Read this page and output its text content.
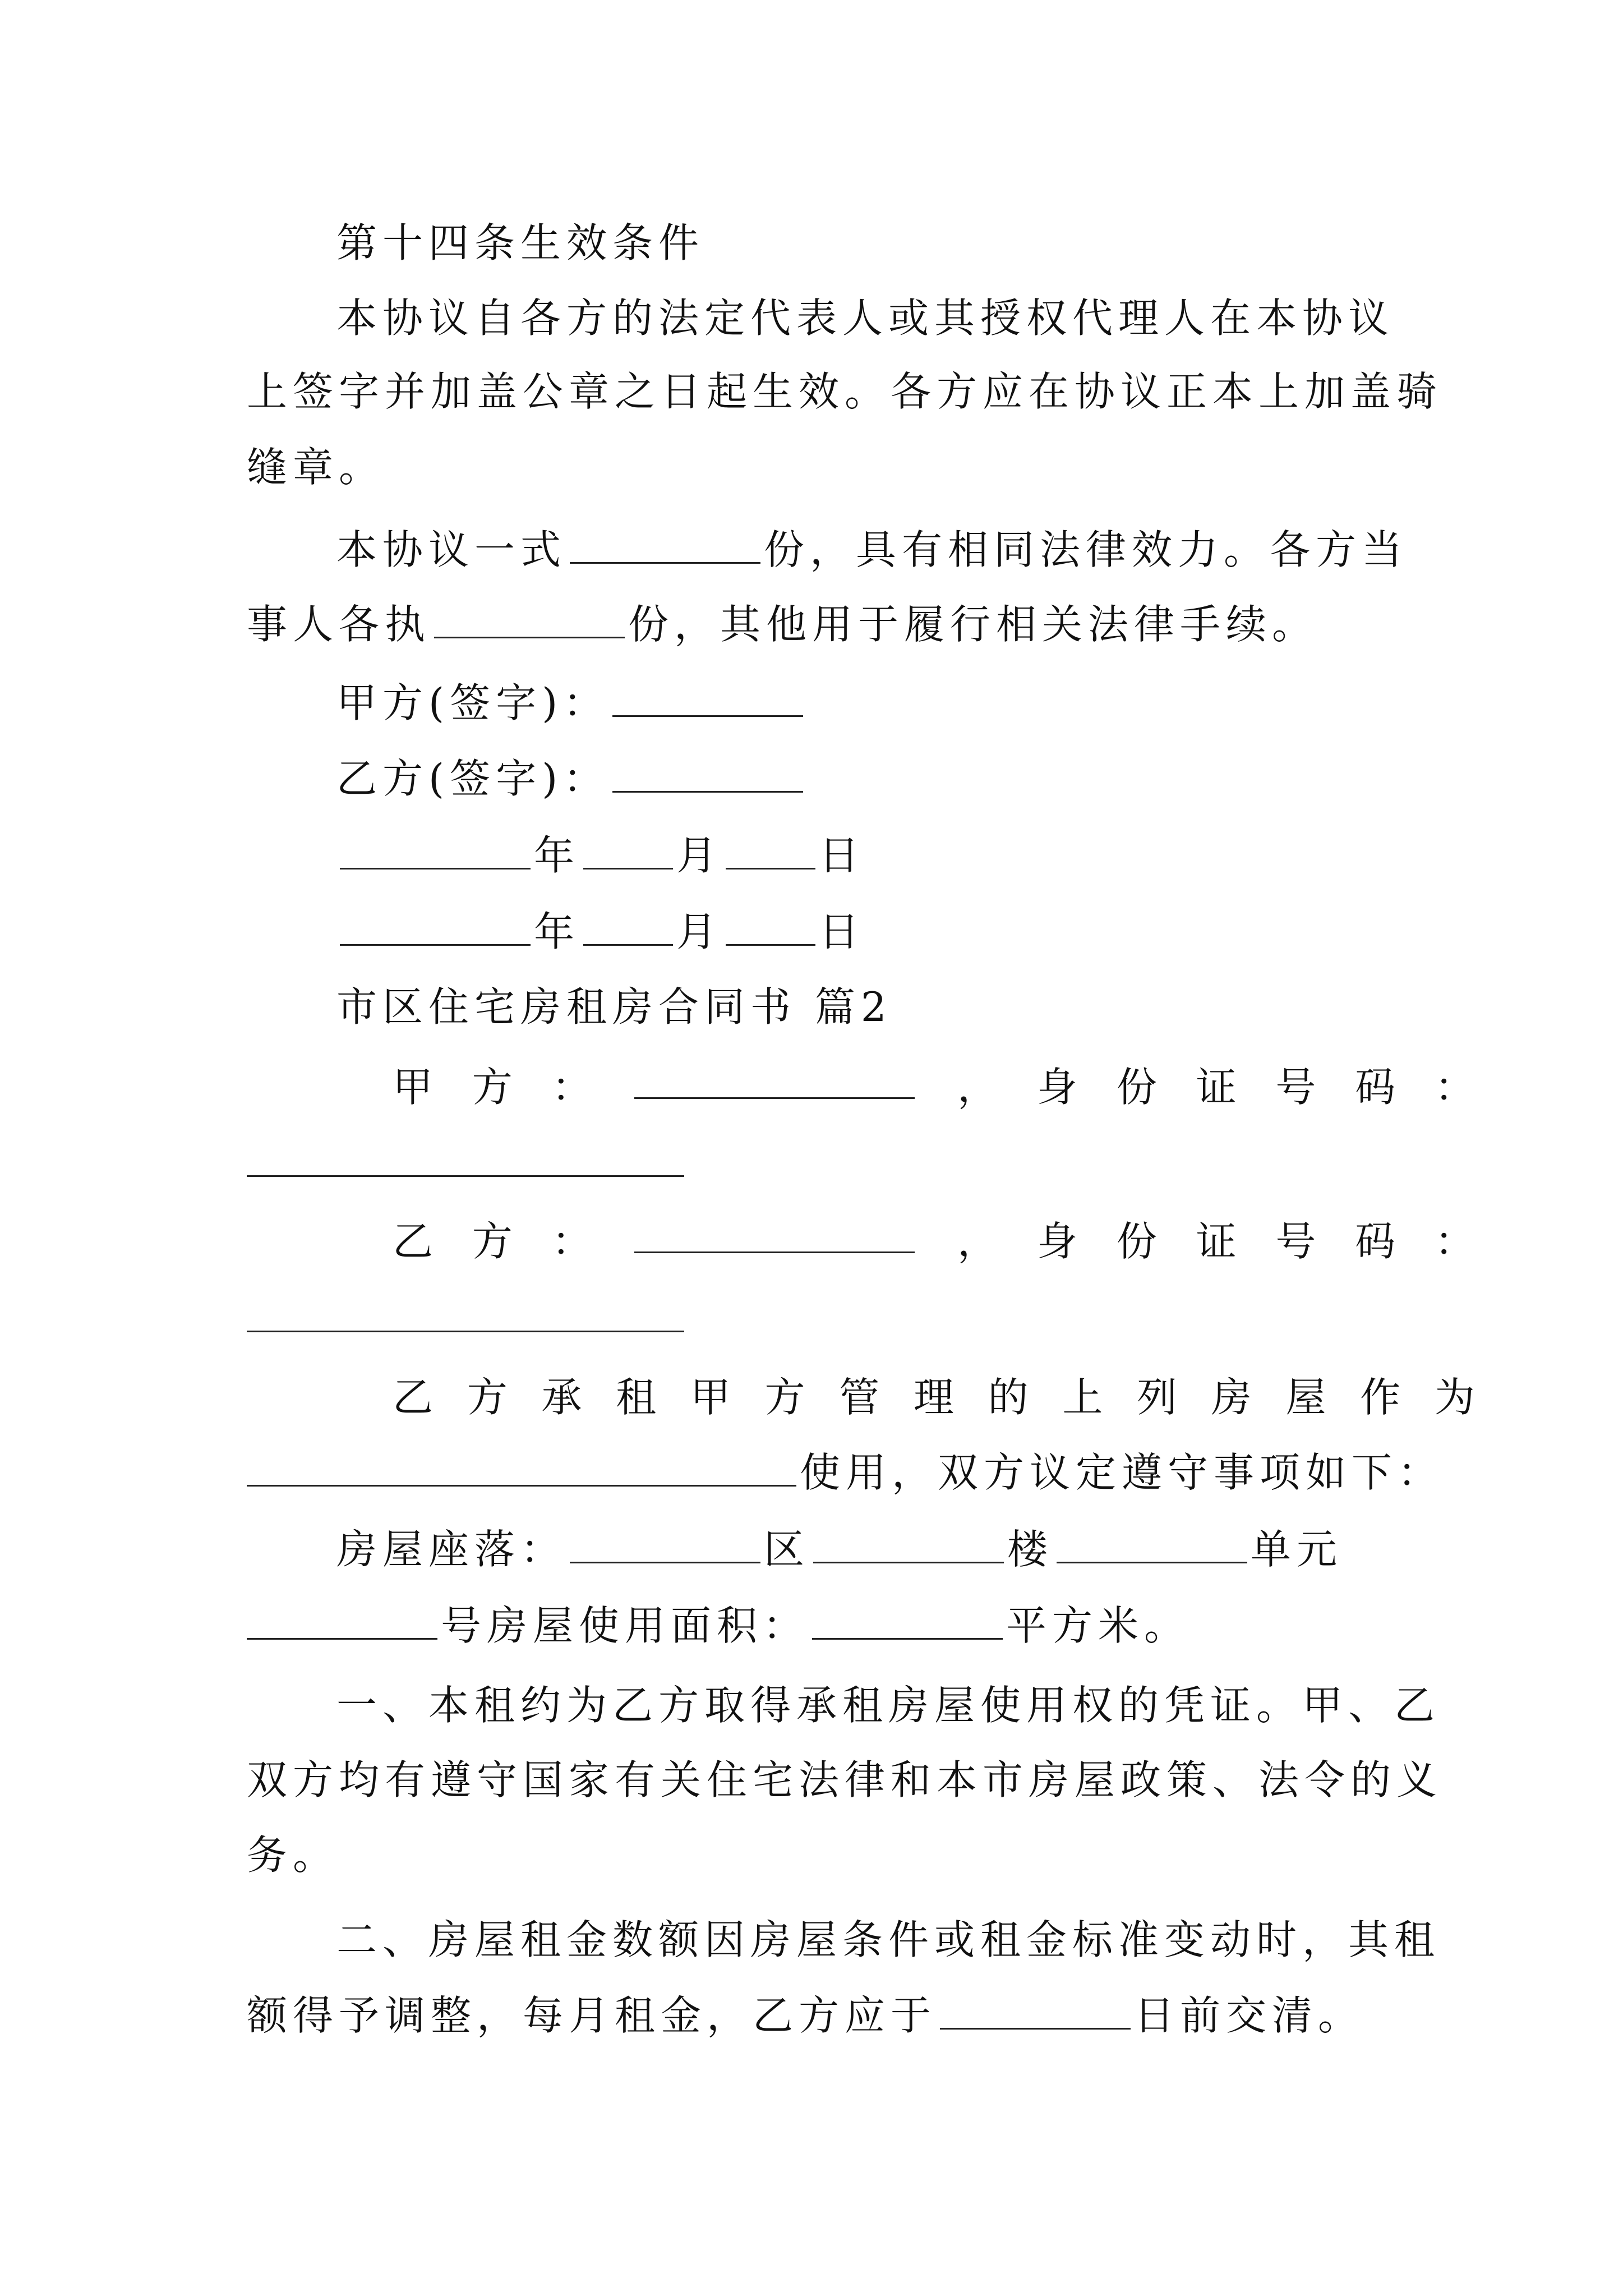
第十四条生效条件
本协议自各方的法定代表人或其授权代理人在本协议
上签字并加盖公章之日起生效。各方应在协议正本上加盖骑
缝章。
本协议一式	份，具有相同法律效力。各方当
事人各执	份，其他用于履行相关法律手续。
甲方(签字)：
乙方(签字)：
年 月 日
年 月 日
市区住宅房租房合同书 篇2
甲 方 ：	， 身 份 证 号 码 ：
乙 方 ：	， 身 份 证 号 码 ：
乙 方 承 租 甲 方 管 理 的 上 列 房 屋 作 为
使用，双方议定遵守事项如下：
房屋座落：	区	楼	单元
号房屋使用面积：	平方米。
一、本租约为乙方取得承租房屋使用权的凭证。甲、乙
双方均有遵守国家有关住宅法律和本市房屋政策、法令的义
务。
二、房屋租金数额因房屋条件或租金标准变动时，其租
额得予调整，每月租金，乙方应于	日前交清。
